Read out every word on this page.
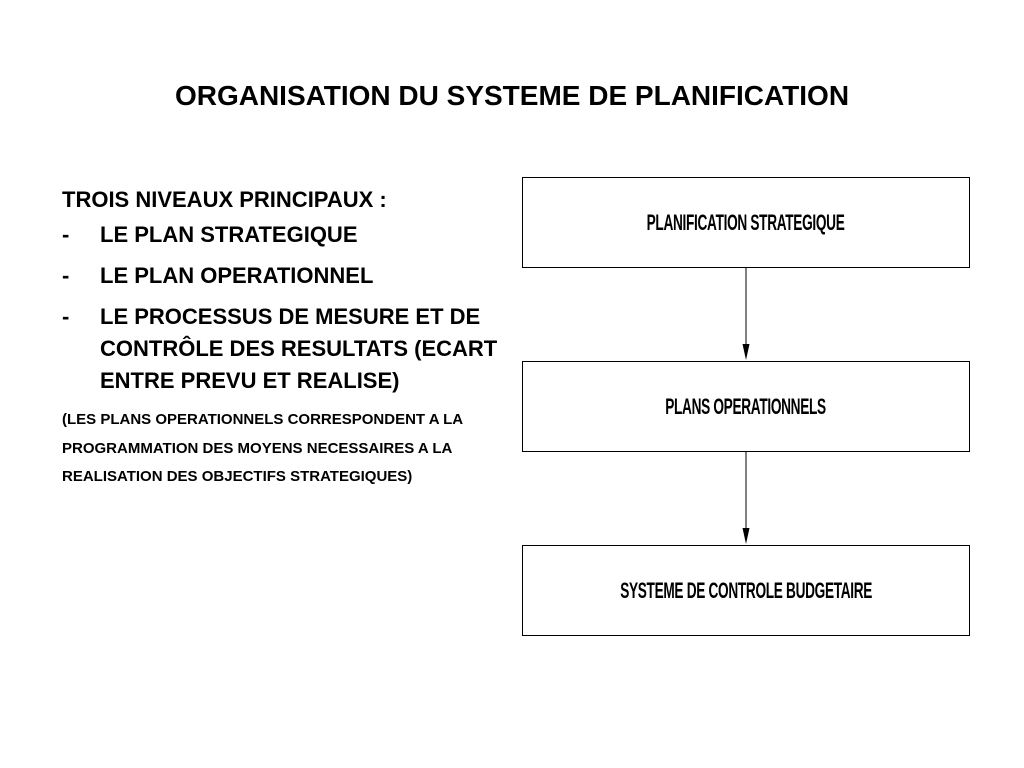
ORGANISATION DU SYSTEME DE PLANIFICATION

TROIS NIVEAUX PRINCIPAUX :

- LE PLAN STRATEGIQUE
- LE PLAN OPERATIONNEL
- LE PROCESSUS DE MESURE ET DE CONTRÔLE DES RESULTATS (ECART ENTRE PREVU ET REALISE)

(LES PLANS OPERATIONNELS CORRESPONDENT A LA PROGRAMMATION DES MOYENS NECESSAIRES A LA REALISATION DES OBJECTIFS STRATEGIQUES)

PLANIFICATION STRATEGIQUE
PLANS OPERATIONNELS
SYSTEME DE CONTROLE BUDGETAIRE
